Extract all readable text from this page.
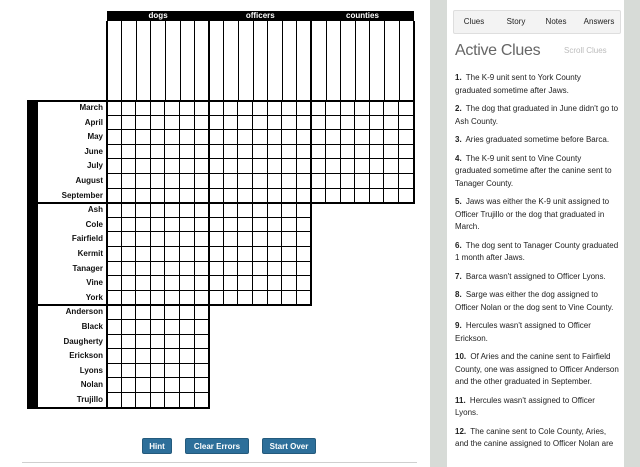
dogs	officers	counties
March
April
May
June
July
August
September
Ash
Cole
Fairfield
Kermit
Tanager
Vine
York
Anderson
Black
Daugherty
Erickson
Lyons
Nolan
Trujillo
Hint	Clear Errors	Start Over
Clues	Story	Notes	Answers
Active Clues	Scroll Clues
1. The K-9 unit sent to York County graduated sometime after Jaws.
2. The dog that graduated in June didn't go to Ash County.
3. Aries graduated sometime before Barca.
4. The K-9 unit sent to Vine County graduated sometime after the canine sent to Tanager County.
5. Jaws was either the K-9 unit assigned to Officer Trujillo or the dog that graduated in March.
6. The dog sent to Tanager County graduated 1 month after Jaws.
7. Barca wasn't assigned to Officer Lyons.
8. Sarge was either the dog assigned to Officer Nolan or the dog sent to Vine County.
9. Hercules wasn't assigned to Officer Erickson.
10. Of Aries and the canine sent to Fairfield County, one was assigned to Officer Anderson and the other graduated in September.
11. Hercules wasn't assigned to Officer Lyons.
12. The canine sent to Cole County, Aries, and the canine assigned to Officer Nolan are
